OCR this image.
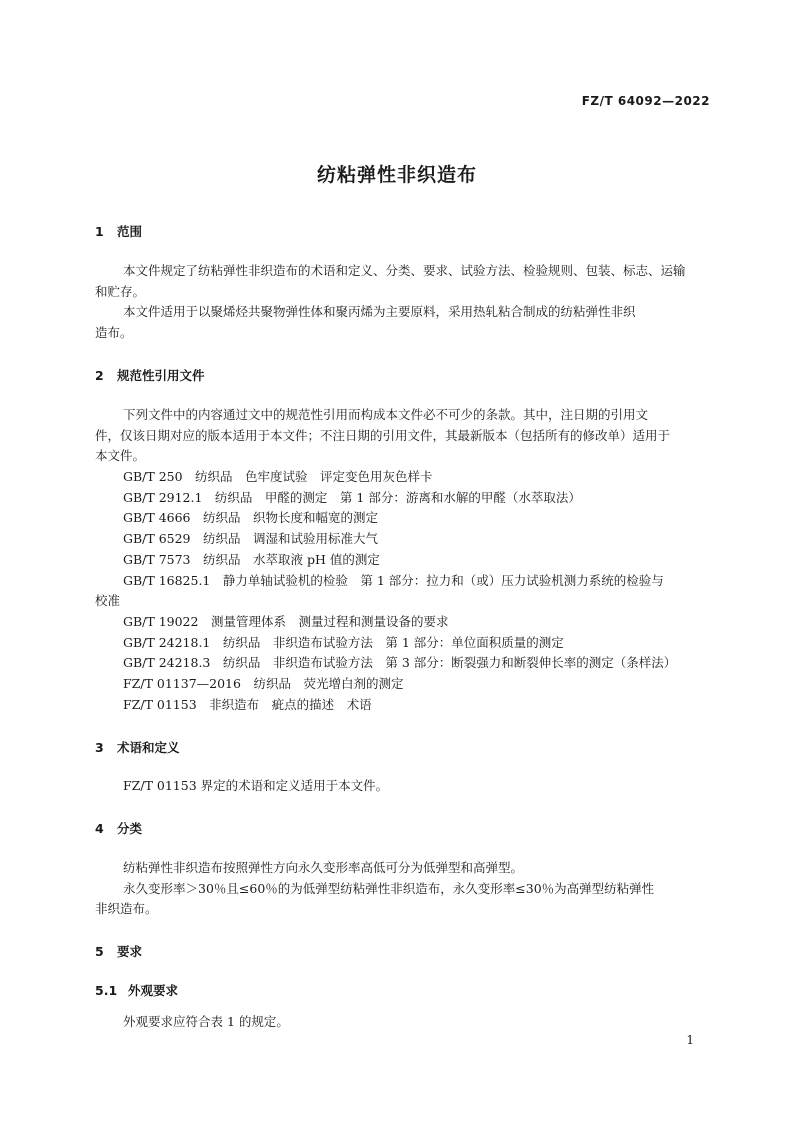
FZ/T 64092—2022
纺粘弹性非织造布
1 范围
本文件规定了纺粘弹性非织造布的术语和定义、分类、要求、试验方法、检验规则、包装、标志、运输
和贮存。
本文件适用于以聚烯烃共聚物弹性体和聚丙烯为主要原料，采用热轧粘合制成的纺粘弹性非织
造布。
2 规范性引用文件
下列文件中的内容通过文中的规范性引用而构成本文件必不可少的条款。其中，注日期的引用文
件，仅该日期对应的版本适用于本文件；不注日期的引用文件，其最新版本（包括所有的修改单）适用于
本文件。
GB/T 250　纺织品　色牢度试验　评定变色用灰色样卡
GB/T 2912.1　纺织品　甲醛的测定　第 1 部分：游离和水解的甲醛（水萃取法）
GB/T 4666　纺织品　织物长度和幅宽的测定
GB/T 6529　纺织品　调湿和试验用标准大气
GB/T 7573　纺织品　水萃取液 pH 值的测定
GB/T 16825.1　静力单轴试验机的检验　第 1 部分：拉力和（或）压力试验机测力系统的检验与
校准
GB/T 19022　测量管理体系　测量过程和测量设备的要求
GB/T 24218.1　纺织品　非织造布试验方法　第 1 部分：单位面积质量的测定
GB/T 24218.3　纺织品　非织造布试验方法　第 3 部分：断裂强力和断裂伸长率的测定（条样法）
FZ/T 01137—2016　纺织品　荧光增白剂的测定
FZ/T 01153　非织造布　疵点的描述　术语
3 术语和定义
FZ/T 01153 界定的术语和定义适用于本文件。
4 分类
纺粘弹性非织造布按照弹性方向永久变形率高低可分为低弹型和高弹型。
永久变形率＞30％且≤60％的为低弹型纺粘弹性非织造布，永久变形率≤30％为高弹型纺粘弹性
非织造布。
5 要求
5.1 外观要求
外观要求应符合表 1 的规定。
1
